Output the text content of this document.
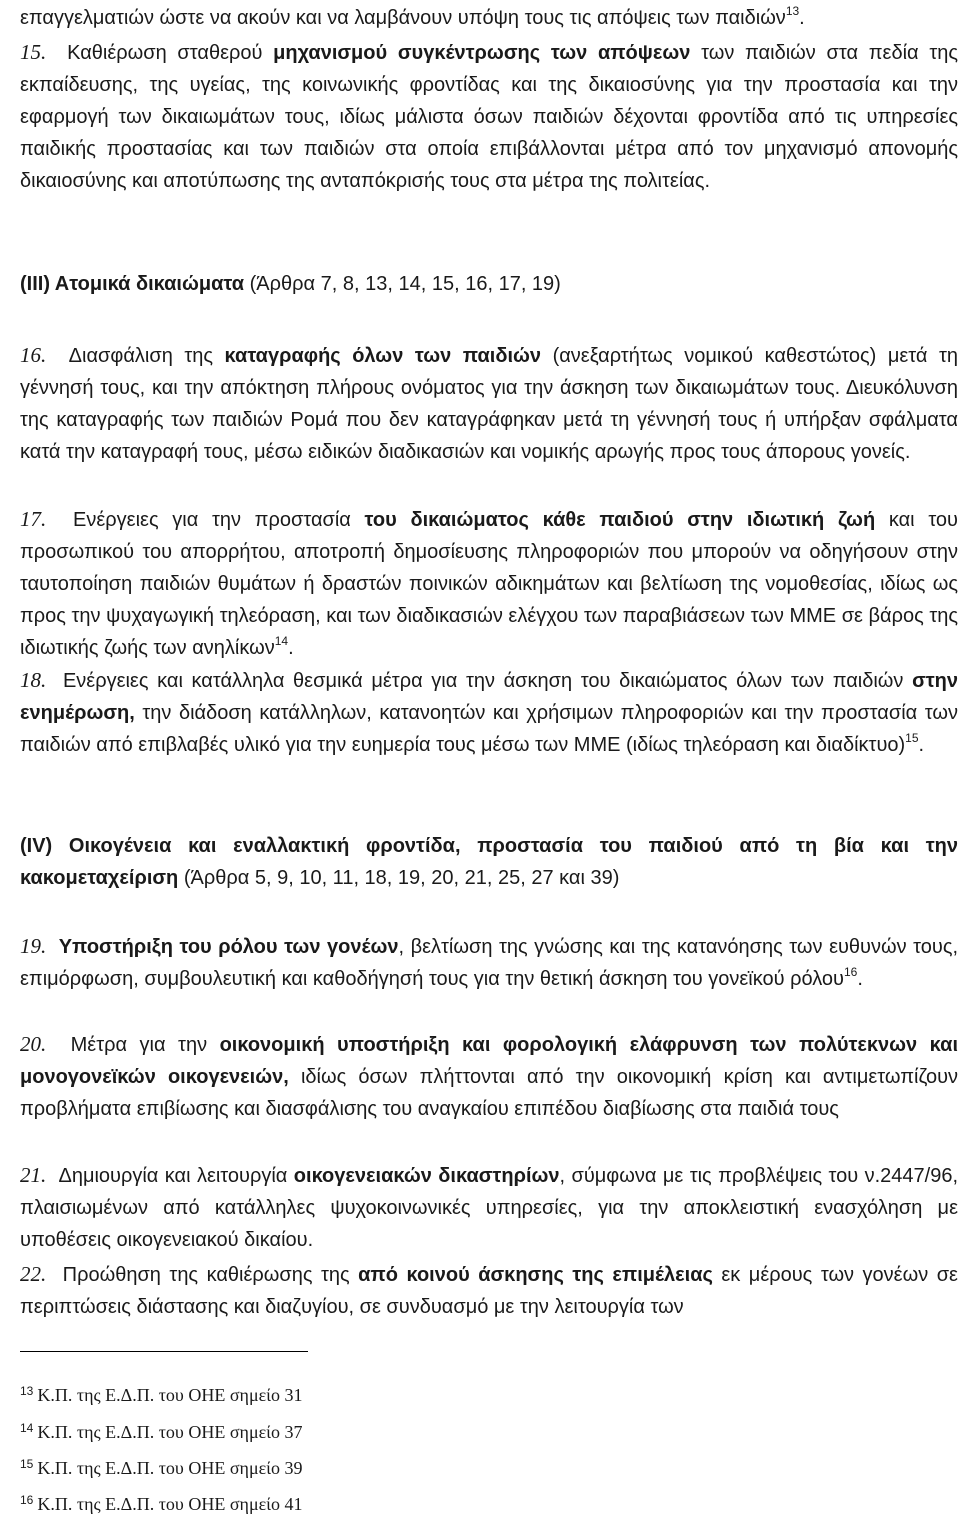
επαγγελματιών ώστε να ακούν και να λαμβάνουν υπόψη τους τις απόψεις των παιδιών$^{13}$.

15. Καθιέρωση σταθερού μηχανισμού συγκέντρωσης των απόψεων των παιδιών στα πεδία της εκπαίδευσης, της υγείας, της κοινωνικής φροντίδας και της δικαιοσύνης για την προστασία και την εφαρμογή των δικαιωμάτων τους, ιδίως μάλιστα όσων παιδιών δέχονται φροντίδα από τις υπηρεσίες παιδικής προστασίας και των παιδιών στα οποία επιβάλλονται μέτρα από τον μηχανισμό απονομής δικαιοσύνης και αποτύπωσης της ανταπόκρισής τους στα μέτρα της πολιτείας.

(ΙΙΙ) Ατομικά δικαιώματα (Άρθρα 7, 8, 13, 14, 15, 16, 17, 19)

16. Διασφάλιση της καταγραφής όλων των παιδιών (ανεξαρτήτως νομικού καθεστώτος) μετά τη γέννησή τους, και την απόκτηση πλήρους ονόματος για την άσκηση των δικαιωμάτων τους. Διευκόλυνση της καταγραφής των παιδιών Ρομά που δεν καταγράφηκαν μετά τη γέννησή τους ή υπήρξαν σφάλματα κατά την καταγραφή τους, μέσω ειδικών διαδικασιών και νομικής αρωγής προς τους άπορους γονείς.

17. Ενέργειες για την προστασία του δικαιώματος κάθε παιδιού στην ιδιωτική ζωή και του προσωπικού του απορρήτου, αποτροπή δημοσίευσης πληροφοριών που μπορούν να οδηγήσουν στην ταυτοποίηση παιδιών θυμάτων ή δραστών ποινικών αδικημάτων και βελτίωση της νομοθεσίας, ιδίως ως προς την ψυχαγωγική τηλεόραση, και των διαδικασιών ελέγχου των παραβιάσεων των ΜΜΕ σε βάρος της ιδιωτικής ζωής των ανηλίκων$^{14}$.

18. Ενέργειες και κατάλληλα θεσμικά μέτρα για την άσκηση του δικαιώματος όλων των παιδιών στην ενημέρωση, την διάδοση κατάλληλων, κατανοητών και χρήσιμων πληροφοριών και την προστασία των παιδιών από επιβλαβές υλικό για την ευημερία τους μέσω των ΜΜΕ (ιδίως τηλεόραση και διαδίκτυο)$^{15}$.

(IV) Οικογένεια και εναλλακτική φροντίδα, προστασία του παιδιού από τη βία και την κακομεταχείριση (Άρθρα 5, 9, 10, 11, 18, 19, 20, 21, 25, 27 και 39)

19. Υποστήριξη του ρόλου των γονέων, βελτίωση της γνώσης και της κατανόησης των ευθυνών τους, επιμόρφωση, συμβουλευτική και καθοδήγησή τους για την θετική άσκηση του γονεϊκού ρόλου$^{16}$.

20. Μέτρα για την οικονομική υποστήριξη και φορολογική ελάφρυνση των πολύτεκνων και μονογονεϊκών οικογενειών, ιδίως όσων πλήττονται από την οικονομική κρίση και αντιμετωπίζουν προβλήματα επιβίωσης και διασφάλισης του αναγκαίου επιπέδου διαβίωσης στα παιδιά τους

21. Δημιουργία και λειτουργία οικογενειακών δικαστηρίων, σύμφωνα με τις προβλέψεις του ν.2447/96, πλαισιωμένων από κατάλληλες ψυχοκοινωνικές υπηρεσίες, για την αποκλειστική ενασχόληση με υποθέσεις οικογενειακού δικαίου.

22. Προώθηση της καθιέρωσης της από κοινού άσκησης της επιμέλειας εκ μέρους των γονέων σε περιπτώσεις διάστασης και διαζυγίου, σε συνδυασμό με την λειτουργία των

$^{13}$ Κ.Π. της Ε.Δ.Π. του ΟΗΕ σημείο 31
$^{14}$ Κ.Π. της Ε.Δ.Π. του ΟΗΕ σημείο 37
$^{15}$ Κ.Π. της Ε.Δ.Π. του ΟΗΕ σημείο 39
$^{16}$ Κ.Π. της Ε.Δ.Π. του ΟΗΕ σημείο 41
